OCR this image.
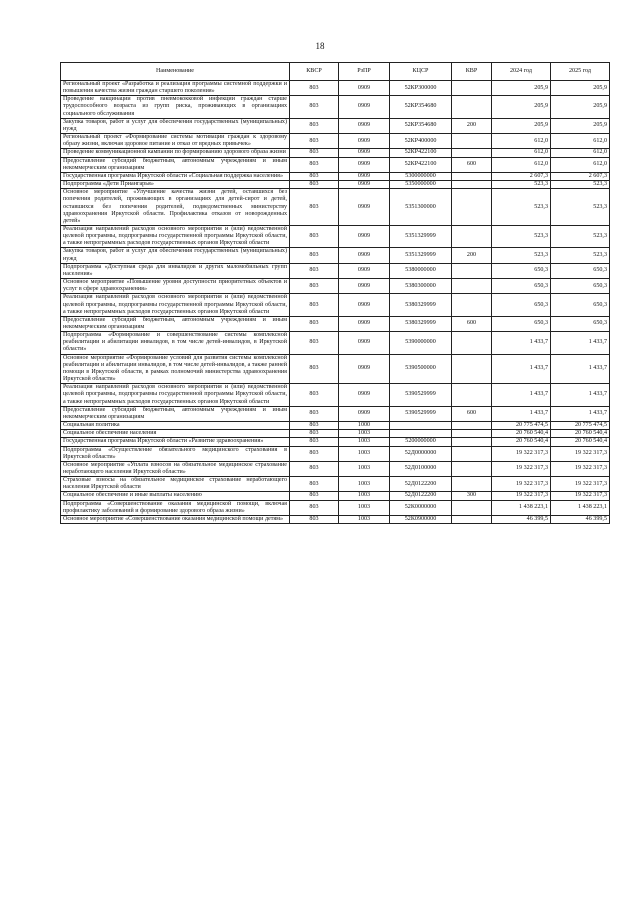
18
Наименование	КВСР	РзПР	КЦСР	КВР	2024 год	2025 год
Региональный проект «Разработка и реализация программы системной поддержки и повышения качества жизни граждан старшего поколения»	803	0909	52КР300000		205,9	205,9
Проведение вакцинации против пневмококковой инфекции граждан старше трудоспособного возраста из групп риска, проживающих в организациях социального обслуживания	803	0909	52КР354680		205,9	205,9
Закупка товаров, работ и услуг для обеспечения государственных (муниципальных) нужд	803	0909	52КР354680	200	205,9	205,9
Региональный проект «Формирование системы мотивации граждан к здоровому образу жизни, включая здоровое питание и отказ от вредных привычек»	803	0909	52КР400000		612,0	612,0
Проведение коммуникационной кампании по формированию здорового образа жизни	803	0909	52КР422100		612,0	612,0
Предоставление субсидий бюджетным, автономным учреждениям и иным некоммерческим организациям	803	0909	52КР422100	600	612,0	612,0
Государственная программа Иркутской области «Социальная поддержка населения»	803	0909	5300000000		2 607,3	2 607,3
Подпрограмма «Дети Приангарья»	803	0909	5350000000		523,3	523,3
Основное мероприятие «Улучшение качества жизни детей, оставшихся без попечения родителей, проживающих в организациях для детей-сирот и детей, оставшихся без попечения родителей, подведомственных министерству здравоохранения Иркутской области. Профилактика отказов от новорожденных детей»	803	0909	5351300000		523,3	523,3
Реализация направлений расходов основного мероприятия и (или) ведомственной целевой программы, подпрограммы государственной программы Иркутской области, а также непрограммных расходов государственных органов Иркутской области	803	0909	5351329999		523,3	523,3
Закупка товаров, работ и услуг для обеспечения государственных (муниципальных) нужд	803	0909	5351329999	200	523,3	523,3
Подпрограмма «Доступная среда для инвалидов и других маломобильных групп населения»	803	0909	5380000000		650,3	650,3
Основное мероприятие «Повышение уровня доступности приоритетных объектов и услуг в сфере здравоохранения»	803	0909	5380300000		650,3	650,3
Реализация направлений расходов основного мероприятия и (или) ведомственной целевой программы, подпрограммы государственной программы Иркутской области, а также непрограммных расходов государственных органов Иркутской области	803	0909	5380329999		650,3	650,3
Предоставление субсидий бюджетным, автономным учреждениям и иным некоммерческим организациям	803	0909	5380329999	600	650,3	650,3
Подпрограмма «Формирование и совершенствование системы комплексной реабилитации и абилитации инвалидов, в том числе детей-инвалидов, в Иркутской области»	803	0909	5390000000		1 433,7	1 433,7
Основное мероприятие «Формирование условий для развития системы комплексной реабилитации и абилитации инвалидов, в том числе детей-инвалидов, а также ранней помощи в Иркутской области, в рамках полномочий министерства здравоохранения Иркутской области»	803	0909	5390500000		1 433,7	1 433,7
Реализация направлений расходов основного мероприятия и (или) ведомственной целевой программы, подпрограммы государственной программы Иркутской области, а также непрограммных расходов государственных органов Иркутской области	803	0909	5390529999		1 433,7	1 433,7
Предоставление субсидий бюджетным, автономным учреждениям и иным некоммерческим организациям	803	0909	5390529999	600	1 433,7	1 433,7
Социальная политика	803	1000			20 775 474,5	20 775 474,5
Социальное обеспечение населения	803	1003			20 760 540,4	20 760 540,4
Государственная программа Иркутской области «Развитие здравоохранения»	803	1003	5200000000		20 760 540,4	20 760 540,4
Подпрограмма «Осуществление обязательного медицинского страхования в Иркутской области»	803	1003	52Д0000000		19 322 317,3	19 322 317,3
Основное мероприятие «Уплата взносов на обязательное медицинское страхование неработающего населения Иркутской области»	803	1003	52Д0100000		19 322 317,3	19 322 317,3
Страховые взносы на обязательное медицинское страхование неработающего населения Иркутской области	803	1003	52Д0122200		19 322 317,3	19 322 317,3
Социальное обеспечение и иные выплаты населению	803	1003	52Д0122200	300	19 322 317,3	19 322 317,3
Подпрограмма «Совершенствование оказания медицинской помощи, включая профилактику заболеваний и формирование здорового образа жизни»	803	1003	52К0000000		1 438 223,1	1 438 223,1
Основное мероприятие «Совершенствование оказания медицинской помощи детям»	803	1003	52К0900000		46 399,5	46 399,5
